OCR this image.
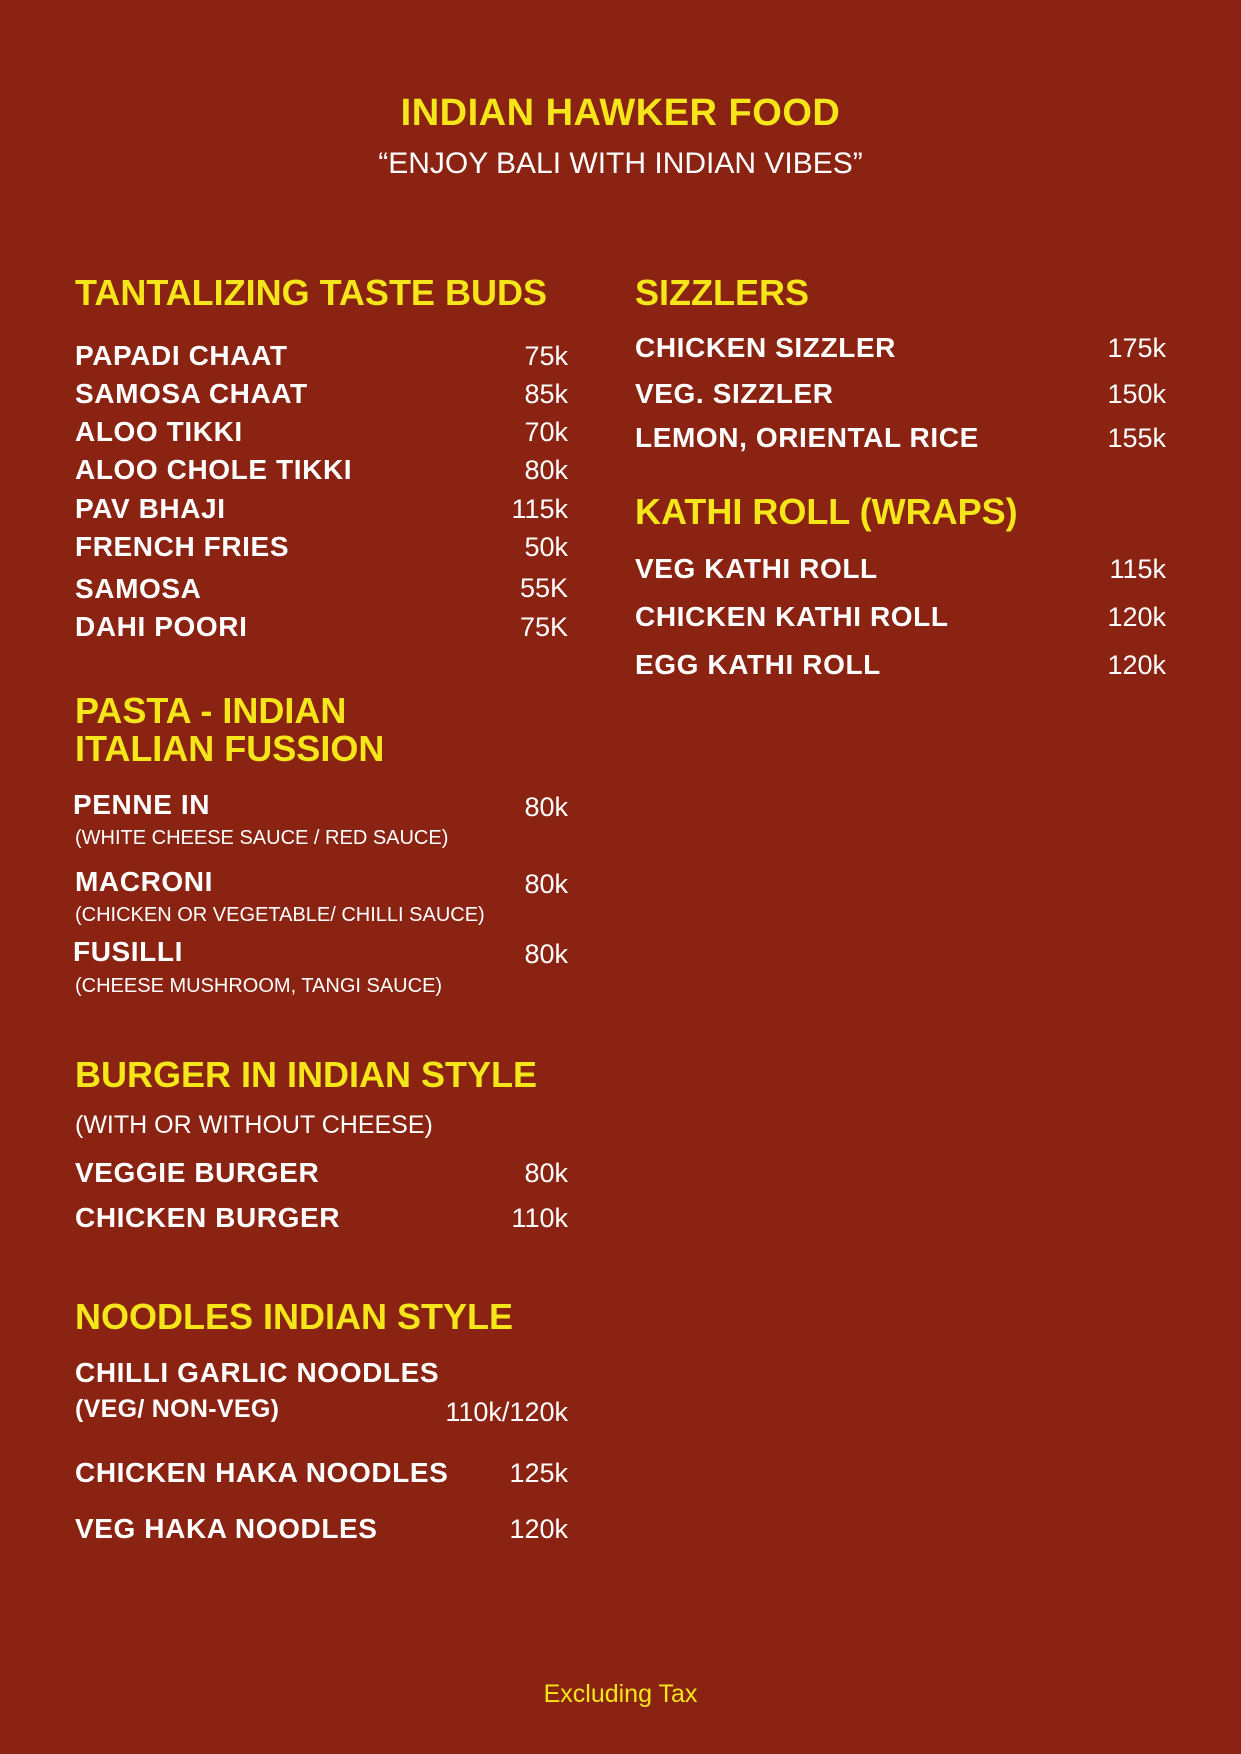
INDIAN HAWKER FOOD
“ENJOY BALI WITH INDIAN VIBES”
TANTALIZING TASTE BUDS
PAPADI CHAAT	75k
SAMOSA CHAAT	85k
ALOO TIKKI	70k
ALOO CHOLE TIKKI	80k
PAV BHAJI	115k
FRENCH FRIES	50k
SAMOSA	55K
DAHI POORI	75K
PASTA - INDIAN
ITALIAN FUSSION
PENNE IN	80k
(WHITE CHEESE SAUCE / RED SAUCE)
MACRONI	80k
(CHICKEN OR VEGETABLE/ CHILLI SAUCE)
FUSILLI	80k
(CHEESE MUSHROOM, TANGI SAUCE)
BURGER IN INDIAN STYLE
(WITH OR WITHOUT CHEESE)
VEGGIE BURGER	80k
CHICKEN BURGER	110k
NOODLES INDIAN STYLE
CHILLI GARLIC NOODLES
(VEG/ NON-VEG)	110k/120k
CHICKEN HAKA NOODLES	125k
VEG HAKA NOODLES	120k
SIZZLERS
CHICKEN SIZZLER	175k
VEG. SIZZLER	150k
LEMON, ORIENTAL RICE	155k
KATHI ROLL (WRAPS)
VEG KATHI ROLL	115k
CHICKEN KATHI ROLL	120k
EGG KATHI ROLL	120k
Excluding Tax
